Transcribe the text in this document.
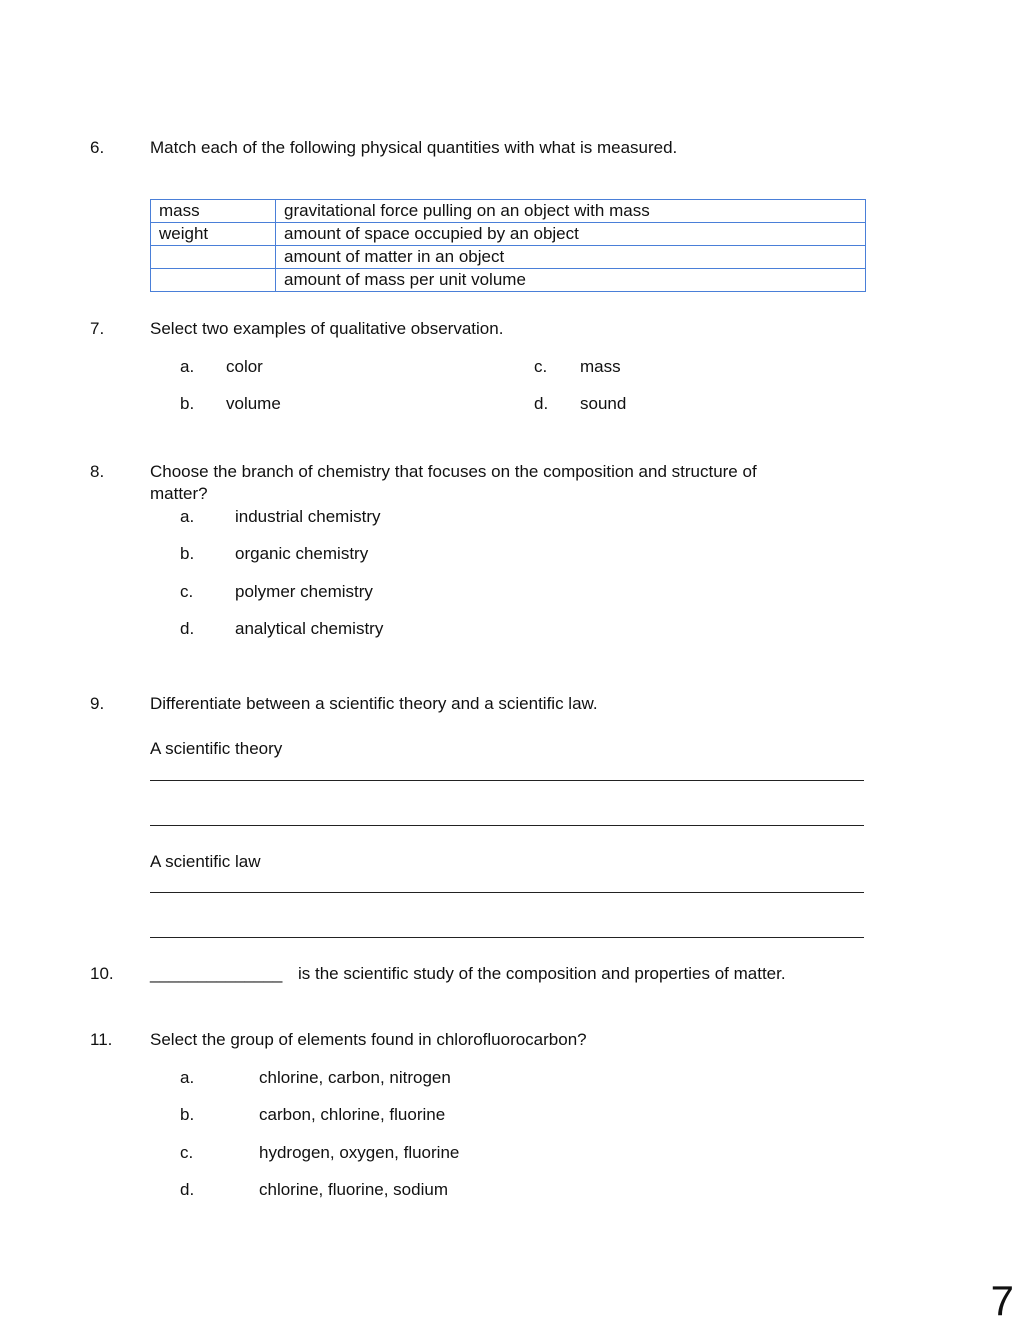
6.	Match each of the following physical quantities with what is measured.
mass	gravitational force pulling on an object with mass
weight	amount of space occupied by an object
	amount of matter in an object
	amount of mass per unit volume
7.	Select two examples of qualitative observation.
a. color
b. volume
c. mass
d. sound
8.	Choose the branch of chemistry that focuses on the composition and structure of
matter?
a. industrial chemistry
b. organic chemistry
c. polymer chemistry
d. analytical chemistry
9.	Differentiate between a scientific theory and a scientific law.
A scientific theory
A scientific law
10. ______________ is the scientific study of the composition and properties of matter.
11. Select the group of elements found in chlorofluorocarbon?
a.	chlorine, carbon, nitrogen
b.	carbon, chlorine, fluorine
c.	hydrogen, oxygen, fluorine
d.	chlorine, fluorine, sodium
7
